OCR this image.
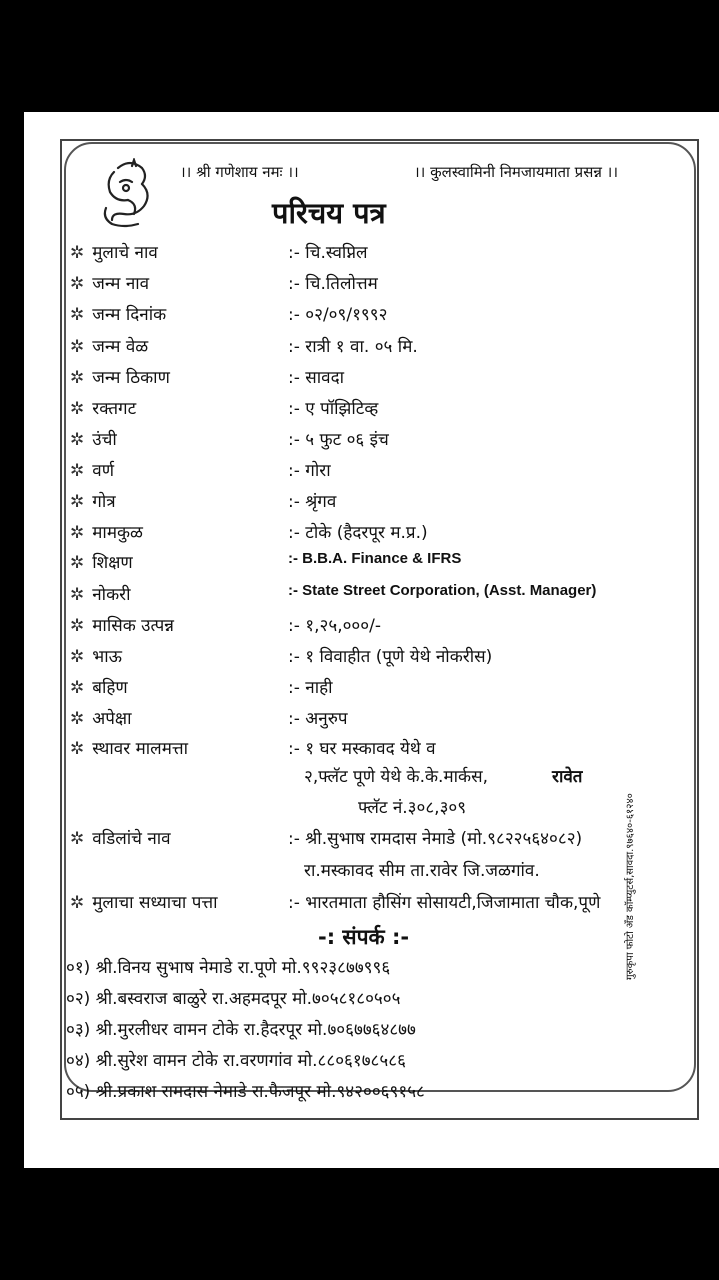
।। श्री गणेशाय नमः ।।	।। कुलस्वामिनी निमजायमाता प्रसन्न ।।
परिचय पत्र
✲ मुलाचे नाव	:- चि.स्वप्निल
✲ जन्म नाव	:- चि.तिलोत्तम
✲ जन्म दिनांक	:- ०२/०९/१९९२
✲ जन्म वेळ	:- रात्री १ वा. ०५ मि.
✲ जन्म ठिकाण	:- सावदा
✲ रक्तगट	:- ए पॉझिटिव्ह
✲ उंची	:- ५ फुट ०६ इंच
✲ वर्ण	:- गोरा
✲ गोत्र	:- श्रृंगव
✲ मामकुळ	:- टोके (हैदरपूर म.प्र.)
✲ शिक्षण	:- B.B.A. Finance & IFRS
✲ नोकरी	:- State Street Corporation, (Asst. Manager)
✲ मासिक उत्पन्न	:- १,२५,०००/-
✲ भाऊ	:- १ विवाहीत (पूणे येथे नोकरीस)
✲ बहिण	:- नाही
✲ अपेक्षा	:- अनुरुप
✲ स्थावर मालमत्ता	:- १ घर मस्कावद येथे व
२,फ्लॅट पूणे येथे के.के.मार्कस,	रावेत
फ्लॅट नं.३०८,३०९
✲ वडिलांचे नाव	:- श्री.सुभाष रामदास नेमाडे (मो.९८२२५६४०८२)
रा.मस्कावद सीम ता.रावेर जि.जळगांव.
✲ मुलाचा सध्याचा पत्ता	:- भारतमाता हौसिंग सोसायटी,जिजामाता चौक,पूणे
-: संपर्क :-
०१) श्री.विनय सुभाष नेमाडे रा.पूणे मो.९९२३८७७९९६
०२) श्री.बस्वराज बाळुरे रा.अहमदपूर मो.७०५८१८०५०५
०३) श्री.मुरलीधर वामन टोके रा.हैदरपूर मो.७०६७७६४८७७
०४) श्री.सुरेश वामन टोके रा.वरणगांव मो.८८०६१७८५८६
०५) श्री.प्रकाश रामदास नेमाडे रा.फैजपूर मो.९४२००६९१५८
गुरुकृपा फोटो अँड कॉम्प्युटर्स,सावदा.९७६४०-६१२४०
